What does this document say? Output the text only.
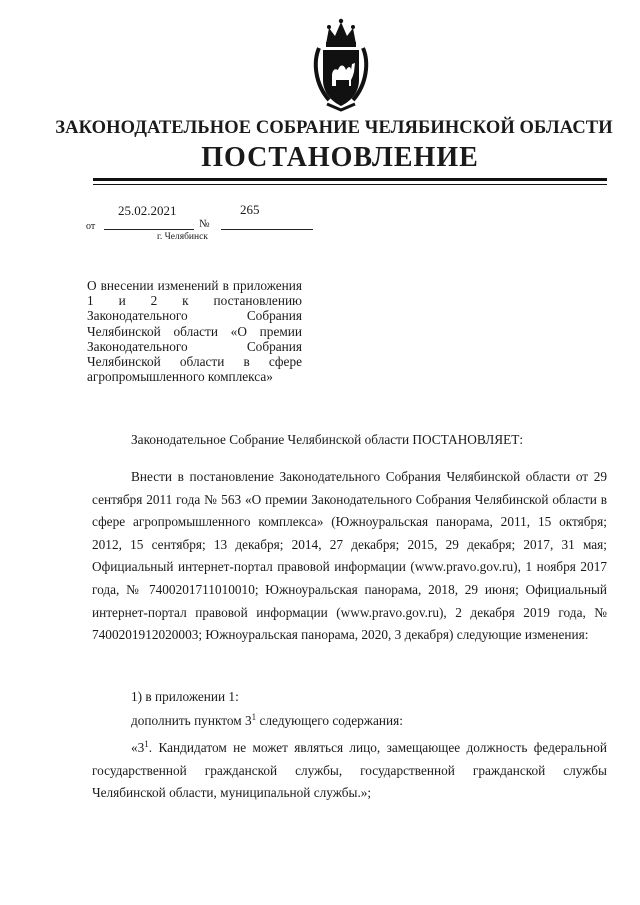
ЗАКОНОДАТЕЛЬНОЕ СОБРАНИЕ ЧЕЛЯБИНСКОЙ ОБЛАСТИ
ПОСТАНОВЛЕНИЕ
от
25.02.2021
№
265
г. Челябинск
О внесении изменений в приложения 1 и 2 к постановлению Законодательного Собрания Челябинской области «О премии Законодательного Собрания Челябинской области в сфере агропромышленного комплекса»
Законодательное Собрание Челябинской области ПОСТАНОВЛЯЕТ:
Внести в постановление Законодательного Собрания Челябинской области от 29 сентября 2011 года № 563 «О премии Законодательного Собрания Челябинской области в сфере агропромышленного комплекса» (Южноуральская панорама, 2011, 15 октября; 2012, 15 сентября; 13 декабря; 2014, 27 декабря; 2015, 29 декабря; 2017, 31 мая; Официальный интернет-портал правовой информации (www.pravo.gov.ru), 1 ноября 2017 года, № 7400201711010010; Южноуральская панорама, 2018, 29 июня; Официальный интернет-портал правовой информации (www.pravo.gov.ru), 2 декабря 2019 года, № 7400201912020003; Южноуральская панорама, 2020, 3 декабря) следующие изменения:
1) в приложении 1:
дополнить пунктом $3^1$ следующего содержания:
«$3^1$. Кандидатом не может являться лицо, замещающее должность федеральной государственной гражданской службы, государственной гражданской службы Челябинской области, муниципальной службы.»;
